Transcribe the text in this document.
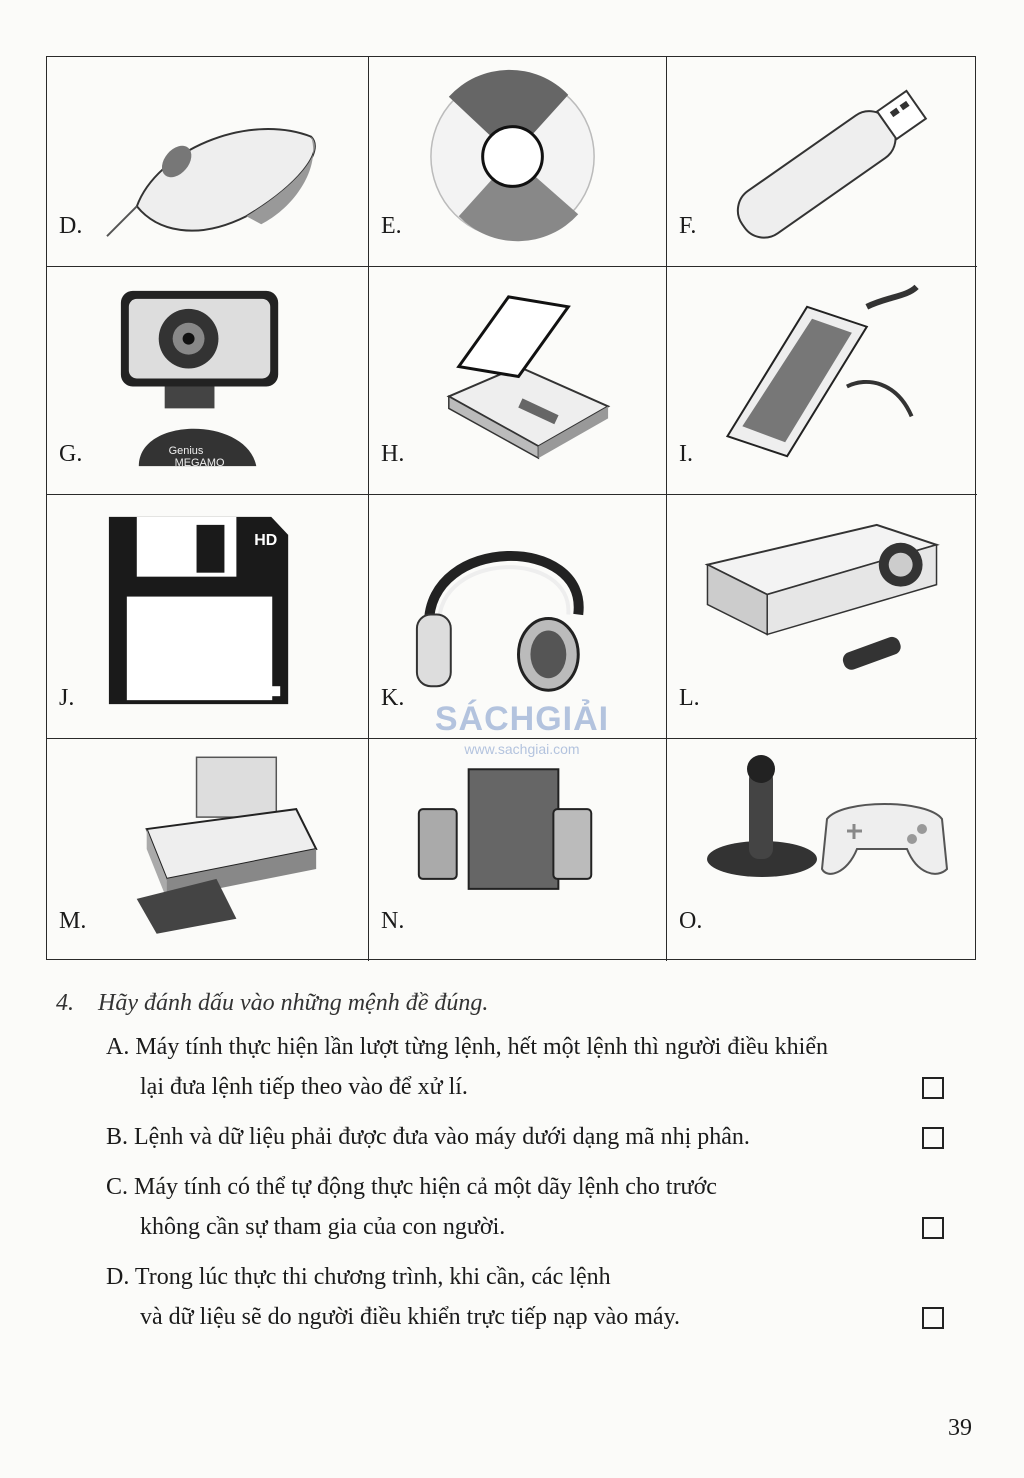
D.	E.	F.
Genius
MEGAMO
G.	H.	I.
HD
J.	K.	L.
M.	N.	O.
SÁCHGIẢI
www.sachgiai.com
4. Hãy đánh dấu vào những mệnh đề đúng.
A. Máy tính thực hiện lần lượt từng lệnh, hết một lệnh thì người điều khiển
lại đưa lệnh tiếp theo vào để xử lí.
B. Lệnh và dữ liệu phải được đưa vào máy dưới dạng mã nhị phân.
C. Máy tính có thể tự động thực hiện cả một dãy lệnh cho trước
không cần sự tham gia của con người.
D. Trong lúc thực thi chương trình, khi cần, các lệnh
và dữ liệu sẽ do người điều khiển trực tiếp nạp vào máy.
39
